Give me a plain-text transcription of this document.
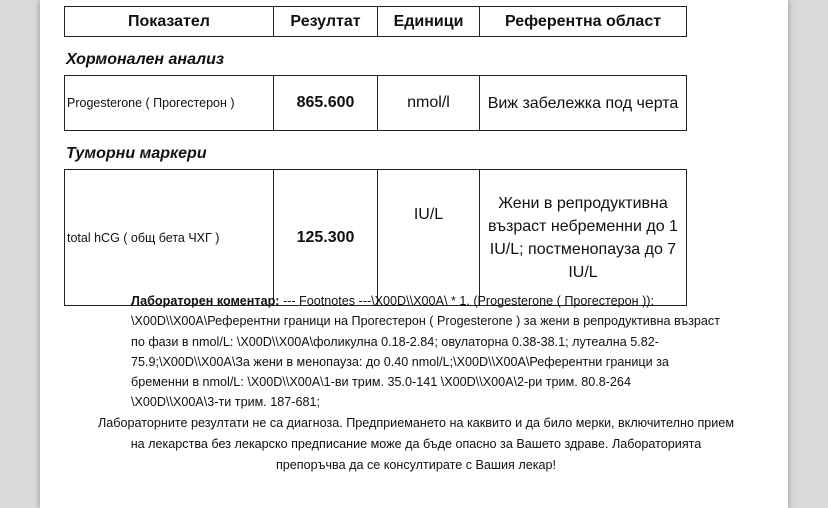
Показател	Резултат	Единици	Референтна област
Хормонален анализ
Progesterone ( Прогестерон )	865.600	nmol/l	Виж забележка под черта
Туморни маркери
total hCG ( общ бета ЧХГ )	125.300	IU/L	Жени в репродуктивна възраст небременни до 1 IU/L; постменопауза до 7 IU/L
Лабораторен коментар: --- Footnotes ---\X00D\\X00A\ * 1. (Progesterone ( Прогестерон )): \X00D\\X00A\Референтни граници на Прогестерон ( Progesterone ) за жени в репродуктивна възраст по фази в nmol/L: \X00D\\X00A\фоликулна 0.18-2.84; овулаторна 0.38-38.1; лутеална 5.82-75.9;\X00D\\X00A\За жени в менопауза: до 0.40 nmol/L;\X00D\\X00A\Референтни граници за бременни в nmol/L: \X00D\\X00A\1-ви трим. 35.0-141 \X00D\\X00A\2-ри трим. 80.8-264 \X00D\\X00A\3-ти трим. 187-681;
Лабораторните резултати не са диагноза. Предприемането на каквито и да било мерки, включително прием на лекарства без лекарско предписание може да бъде опасно за Вашето здраве. Лабораторията препоръчва да се консултирате с Вашия лекар!
